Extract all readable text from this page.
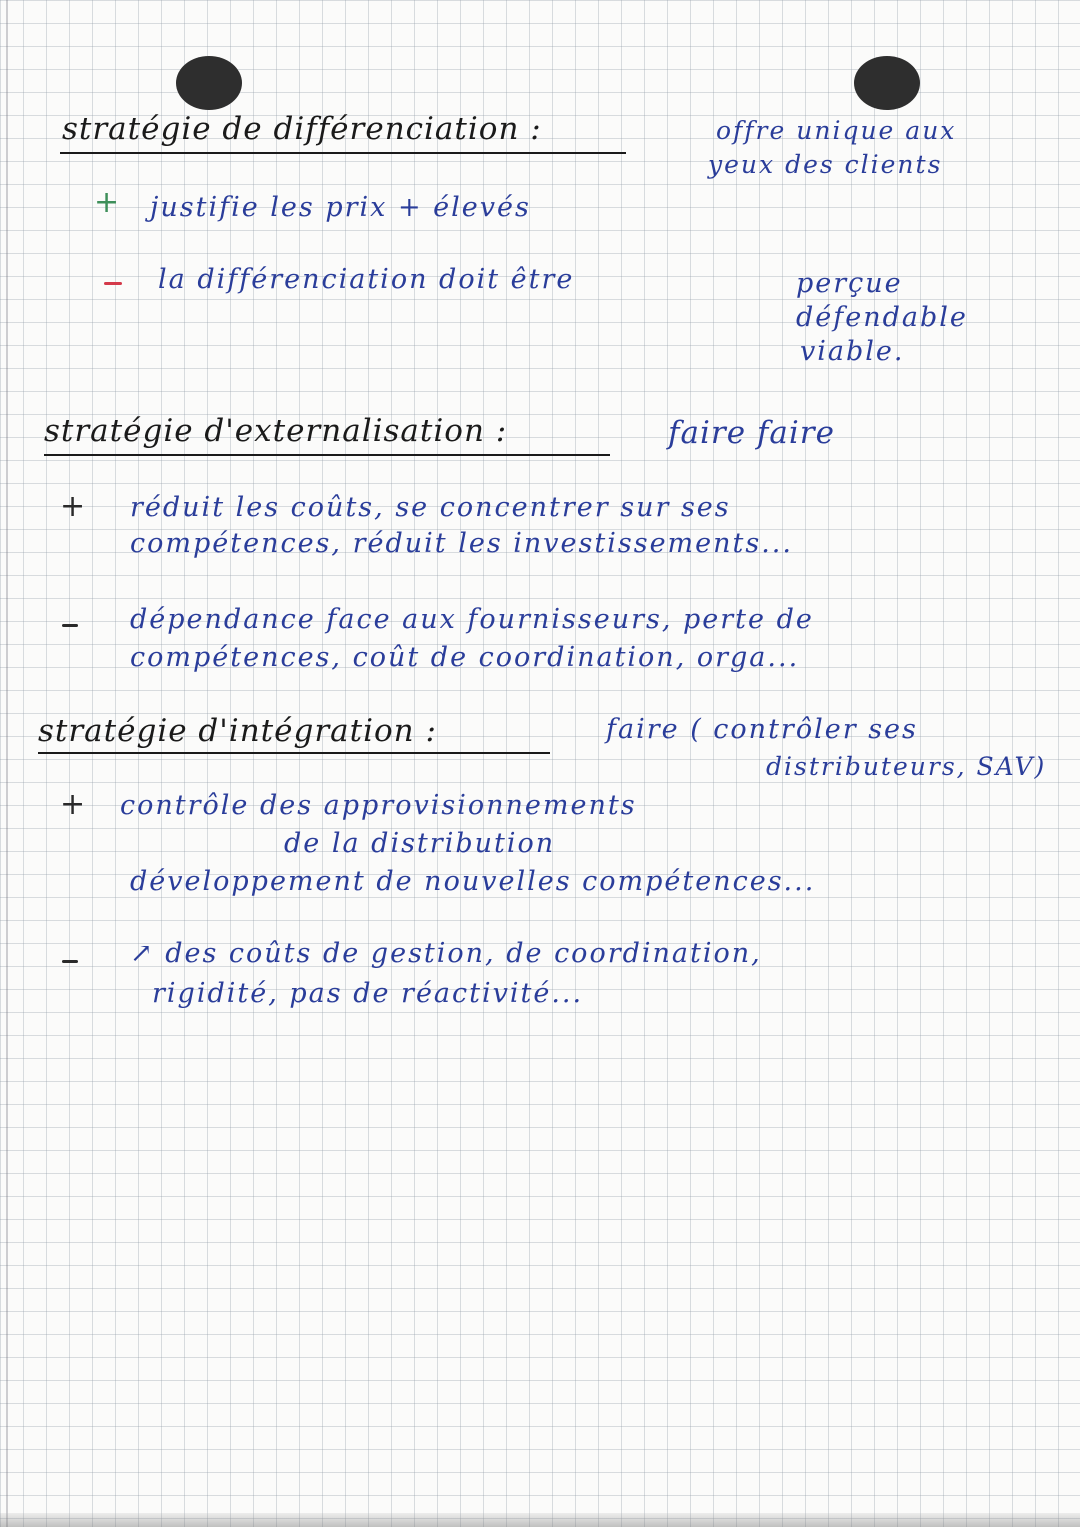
stratégie de différenciation :	offre unique aux
yeux des clients
+ justifie les prix + élevés
la différenciation doit être	perçue
défendable
viable.
stratégie d'externalisation :	faire faire
+ réduit les coûts, se concentrer sur ses
compétences, réduit les investissements...
dépendance face aux fournisseurs, perte de
compétences, coût de coordination, orga...
stratégie d'intégration :	faire ( contrôler ses
distributeurs, SAV)
+ contrôle des approvisionnements
de la distribution
développement de nouvelles compétences...
↗ des coûts de gestion, de coordination,
rigidité, pas de réactivité...
